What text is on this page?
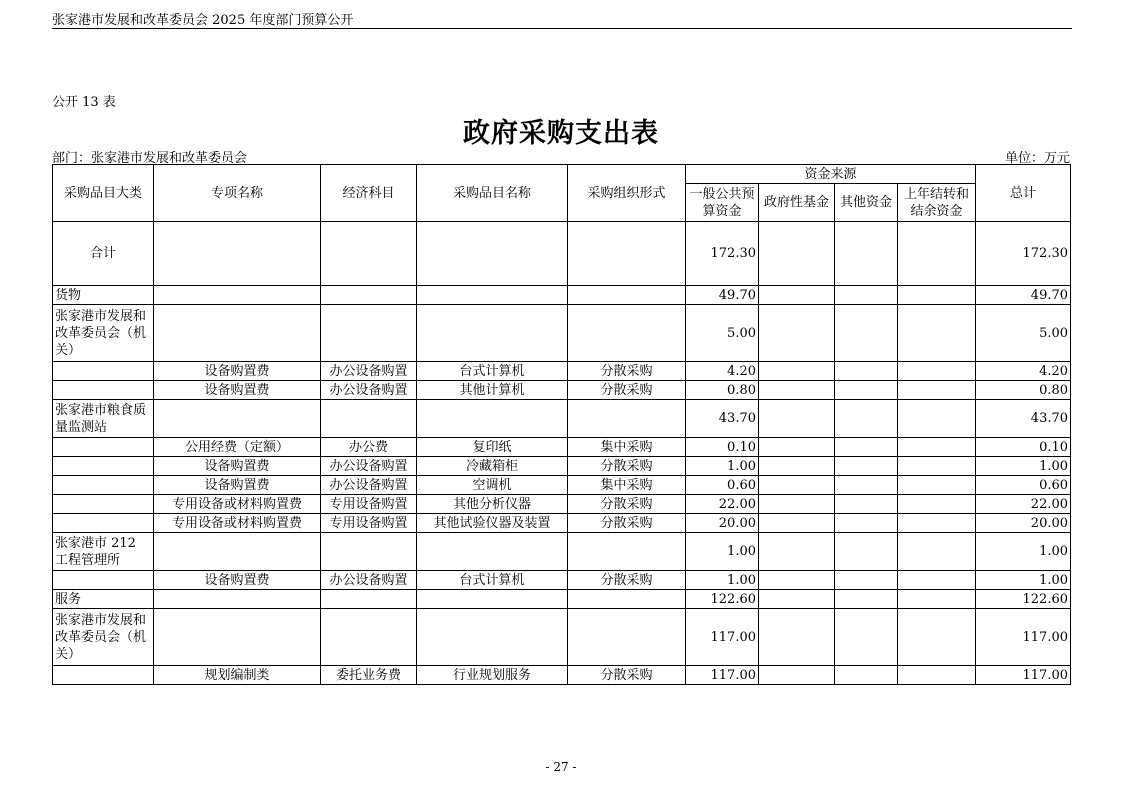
张家港市发展和改革委员会 2025 年度部门预算公开
公开 13 表
政府采购支出表
部门：张家港市发展和改革委员会	单位：万元
采购品目大类	专项名称	经济科目	采购品目名称	采购组织形式	资金来源				总计
					一般公共预算资金	政府性基金	其他资金	上年结转和结余资金	
合计					172.30				172.30
货物					49.70				49.70
张家港市发展和改革委员会（机关）					5.00				5.00
	设备购置费	办公设备购置	台式计算机	分散采购	4.20				4.20
	设备购置费	办公设备购置	其他计算机	分散采购	0.80				0.80
张家港市粮食质量监测站					43.70				43.70
	公用经费（定额）	办公费	复印纸	集中采购	0.10				0.10
	设备购置费	办公设备购置	冷藏箱柜	分散采购	1.00				1.00
	设备购置费	办公设备购置	空调机	集中采购	0.60				0.60
	专用设备或材料购置费	专用设备购置	其他分析仪器	分散采购	22.00				22.00
	专用设备或材料购置费	专用设备购置	其他试验仪器及装置	分散采购	20.00				20.00
张家港市 212 工程管理所					1.00				1.00
	设备购置费	办公设备购置	台式计算机	分散采购	1.00				1.00
服务					122.60				122.60
张家港市发展和改革委员会（机关）					117.00				117.00
	规划编制类	委托业务费	行业规划服务	分散采购	117.00				117.00
- 27 -
